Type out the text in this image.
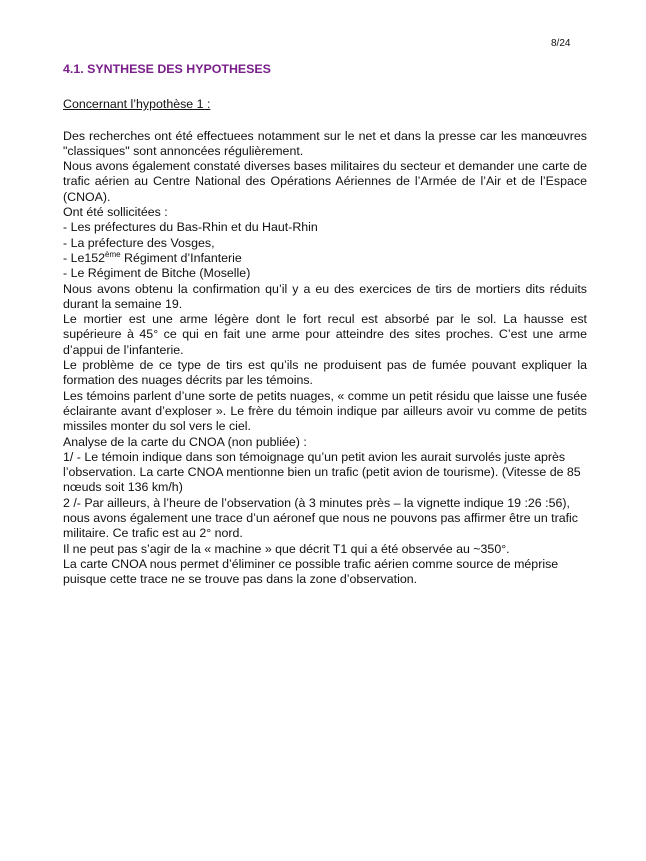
8/24

4.1. SYNTHESE DES HYPOTHESES

Concernant l’hypothèse 1 :

Des recherches ont été effectuees notamment sur le net et dans la presse car les manœuvres "classiques" sont annoncées régulièrement.

Nous avons également constaté diverses bases militaires du secteur et demander une carte de trafic aérien au Centre National des Opérations Aériennes de l’Armée de l’Air et de l’Espace (CNOA).

Ont été sollicitées :

- Les préfectures du Bas-Rhin et du Haut-Rhin
- La préfecture des Vosges,
- Le152ème Régiment d’Infanterie
- Le Régiment de Bitche (Moselle)

Nous avons obtenu la confirmation qu’il y a eu des exercices de tirs de mortiers dits réduits durant la semaine 19.

Le mortier est une arme légère dont le fort recul est absorbé par le sol. La hausse est supérieure à 45° ce qui en fait une arme pour atteindre des sites proches. C’est une arme d’appui de l’infanterie.

Le problème de ce type de tirs est qu’ils ne produisent pas de fumée pouvant expliquer la formation des nuages décrits par les témoins.

Les témoins parlent d’une sorte de petits nuages, « comme un petit résidu que laisse une fusée éclairante avant d’exploser ». Le frère du témoin indique par ailleurs avoir vu comme de petits missiles monter du sol vers le ciel.

Analyse de la carte du CNOA (non publiée) :

1/ - Le témoin indique dans son témoignage qu’un petit avion les aurait survolés juste après l’observation. La carte CNOA mentionne bien un trafic (petit avion de tourisme). (Vitesse de 85 nœuds soit 136 km/h)

2 /- Par ailleurs, à l’heure de l’observation (à 3 minutes près – la vignette indique 19 :26 :56), nous avons également une trace d’un aéronef que nous ne pouvons pas affirmer être un trafic militaire. Ce trafic est au 2° nord.

Il ne peut pas s’agir de la « machine » que décrit T1 qui a été observée au ~350°.

La carte CNOA nous permet d’éliminer ce possible trafic aérien comme source de méprise puisque cette trace ne se trouve pas dans la zone d’observation.
